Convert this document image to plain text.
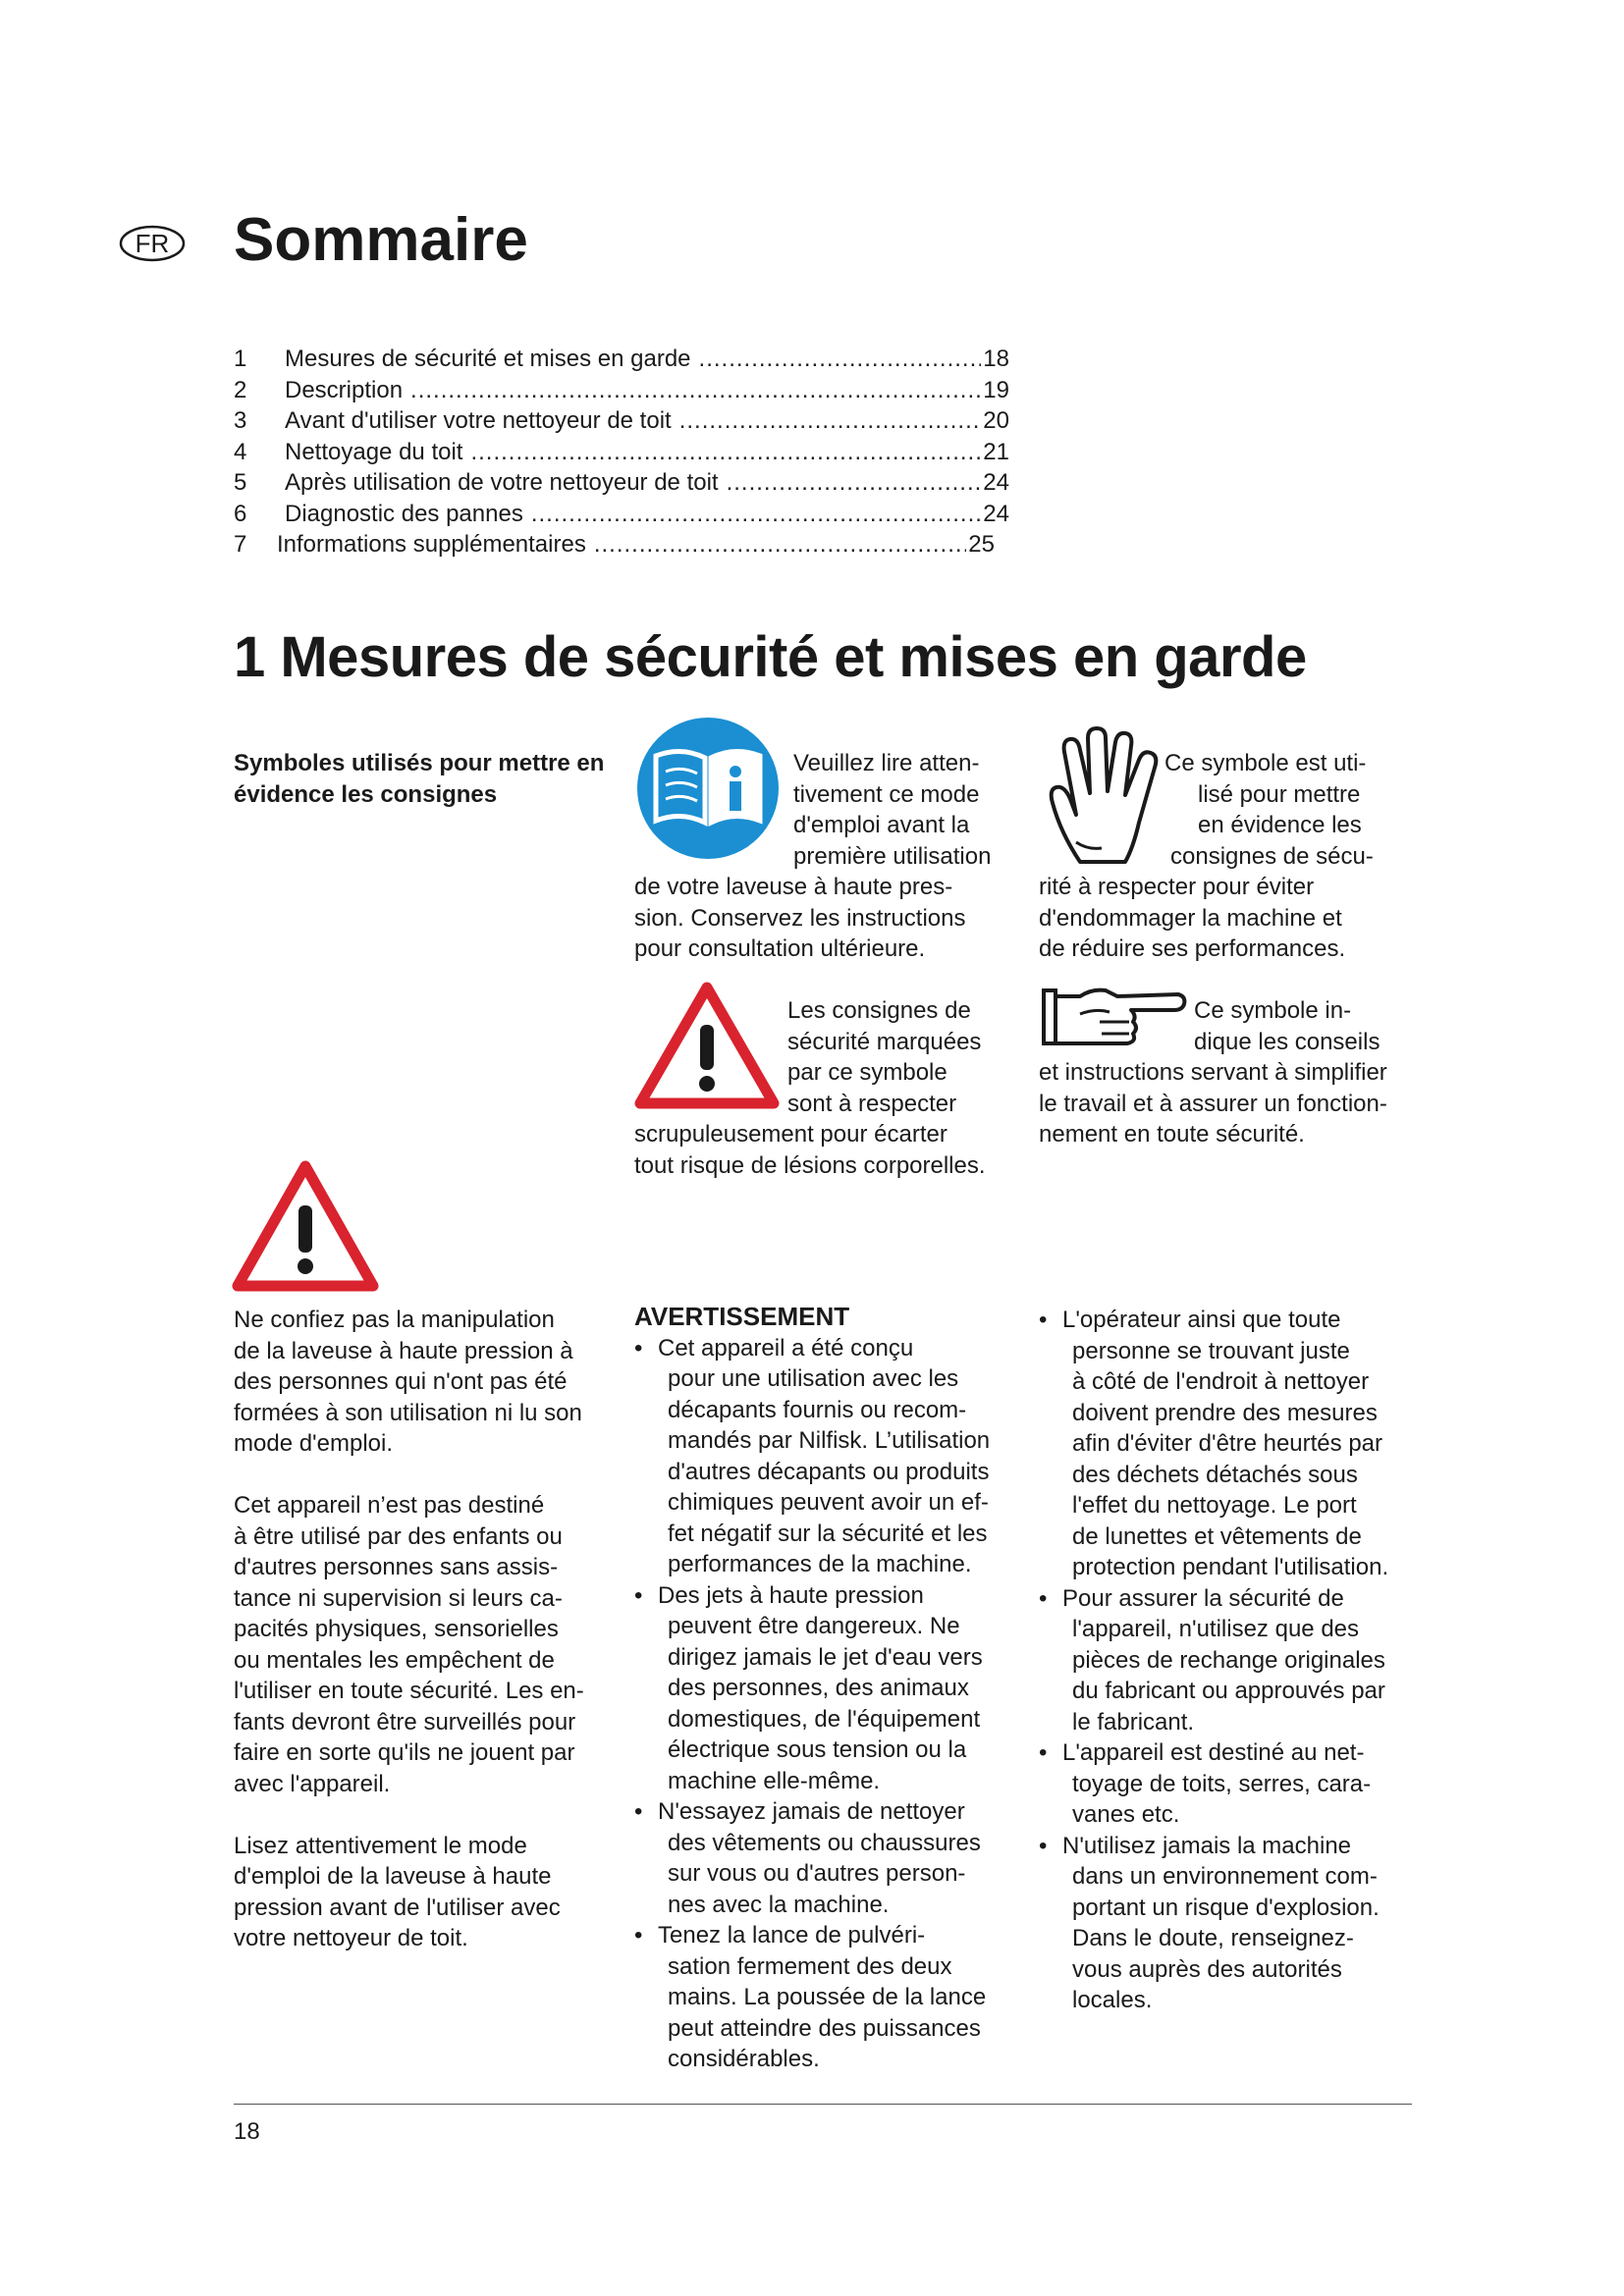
FR Sommaire
1	Mesures de sécurité et mises en garde .....	18
2	Description .....	19
3	Avant d'utiliser votre nettoyeur de toit .....	20
4	Nettoyage du toit .....	21
5	Après utilisation de votre nettoyeur de toit .....	24
6	Diagnostic des pannes .....	24
7	Informations supplémentaires .....	25
1 Mesures de sécurité et mises en garde
Symboles utilisés pour mettre en évidence les consignes
Veuillez lire atten-
tivement ce mode
d'emploi avant la
première utilisation
de votre laveuse à haute pres-
sion. Conservez les instructions
pour consultation ultérieure.
Ce symbole est uti-
lisé pour mettre
en évidence les
consignes de sécu-
rité à respecter pour éviter
d'endommager la machine et
de réduire ses performances.
Les consignes de
sécurité marquées
par ce symbole
sont à respecter
scrupuleusement pour écarter
tout risque de lésions corporelles.
Ce symbole in-
dique les conseils
et instructions servant à simplifier
le travail et à assurer un fonction-
nement en toute sécurité.
Ne confiez pas la manipulation
de la laveuse à haute pression à
des personnes qui n'ont pas été
formées à son utilisation ni lu son
mode d'emploi.
Cet appareil n’est pas destiné
à être utilisé par des enfants ou
d'autres personnes sans assis-
tance ni supervision si leurs ca-
pacités physiques, sensorielles
ou mentales les empêchent de
l'utiliser en toute sécurité. Les en-
fants devront être surveillés pour
faire en sorte qu'ils ne jouent par
avec l'appareil.
Lisez attentivement le mode
d'emploi de la laveuse à haute
pression avant de l'utiliser avec
votre nettoyeur de toit.
AVERTISSEMENT
• Cet appareil a été conçu
pour une utilisation avec les
décapants fournis ou recom-
mandés par Nilfisk. L’utilisation
d'autres décapants ou produits
chimiques peuvent avoir un ef-
fet négatif sur la sécurité et les
performances de la machine.
• Des jets à haute pression
peuvent être dangereux. Ne
dirigez jamais le jet d'eau vers
des personnes, des animaux
domestiques, de l'équipement
électrique sous tension ou la
machine elle-même.
• N'essayez jamais de nettoyer
des vêtements ou chaussures
sur vous ou d'autres person-
nes avec la machine.
• Tenez la lance de pulvéri-
sation fermement des deux
mains. La poussée de la lance
peut atteindre des puissances
considérables.
• L'opérateur ainsi que toute
personne se trouvant juste
à côté de l'endroit à nettoyer
doivent prendre des mesures
afin d'éviter d'être heurtés par
des déchets détachés sous
l'effet du nettoyage. Le port
de lunettes et vêtements de
protection pendant l'utilisation.
• Pour assurer la sécurité de
l'appareil, n'utilisez que des
pièces de rechange originales
du fabricant ou approuvés par
le fabricant.
• L'appareil est destiné au net-
toyage de toits, serres, cara-
vanes etc.
• N'utilisez jamais la machine
dans un environnement com-
portant un risque d'explosion.
Dans le doute, renseignez-
vous auprès des autorités
locales.
18
